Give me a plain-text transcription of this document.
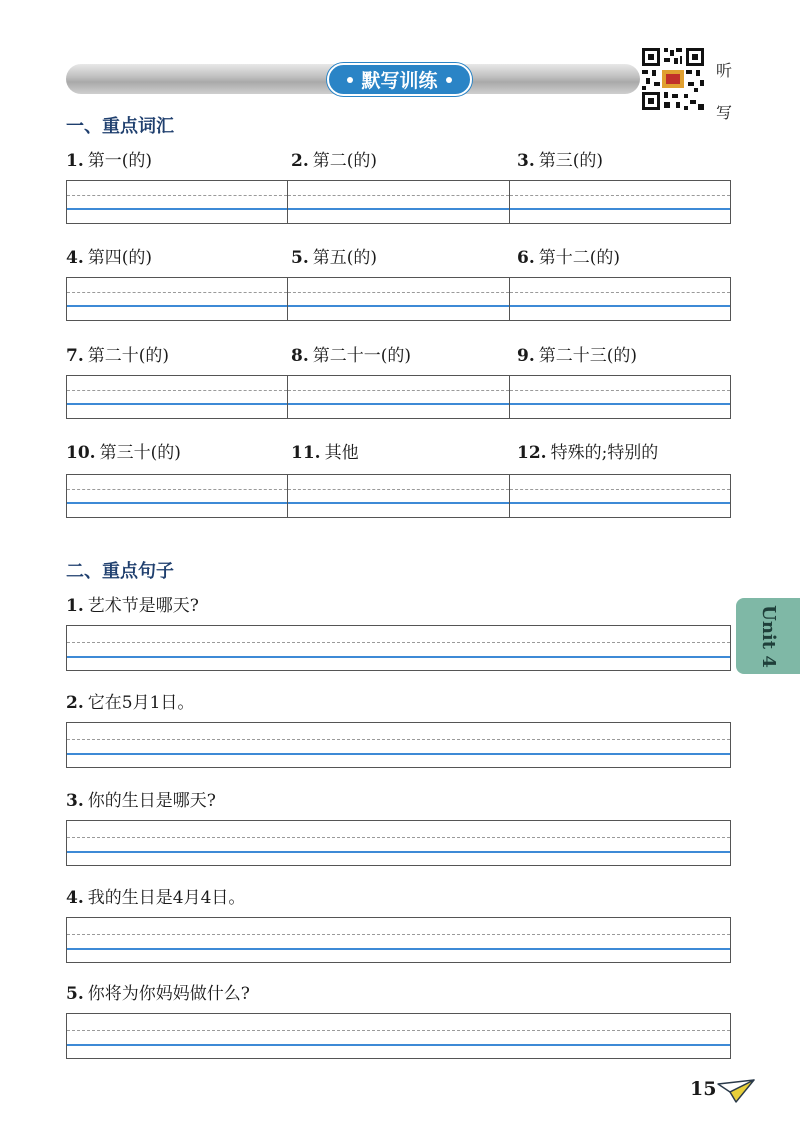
默写训练	听
写
一、重点词汇
1. 第一(的)	2. 第二(的)	3. 第三(的)
4. 第四(的)	5. 第五(的)	6. 第十二(的)
7. 第二十(的)	8. 第二十一(的)	9. 第二十三(的)
10. 第三十(的)	11. 其他	12. 特殊的;特别的
二、重点句子
1. 艺术节是哪天?
2. 它在5月1日。
3. 你的生日是哪天?
4. 我的生日是4月4日。
5. 你将为你妈妈做什么?
Unit 4
15
